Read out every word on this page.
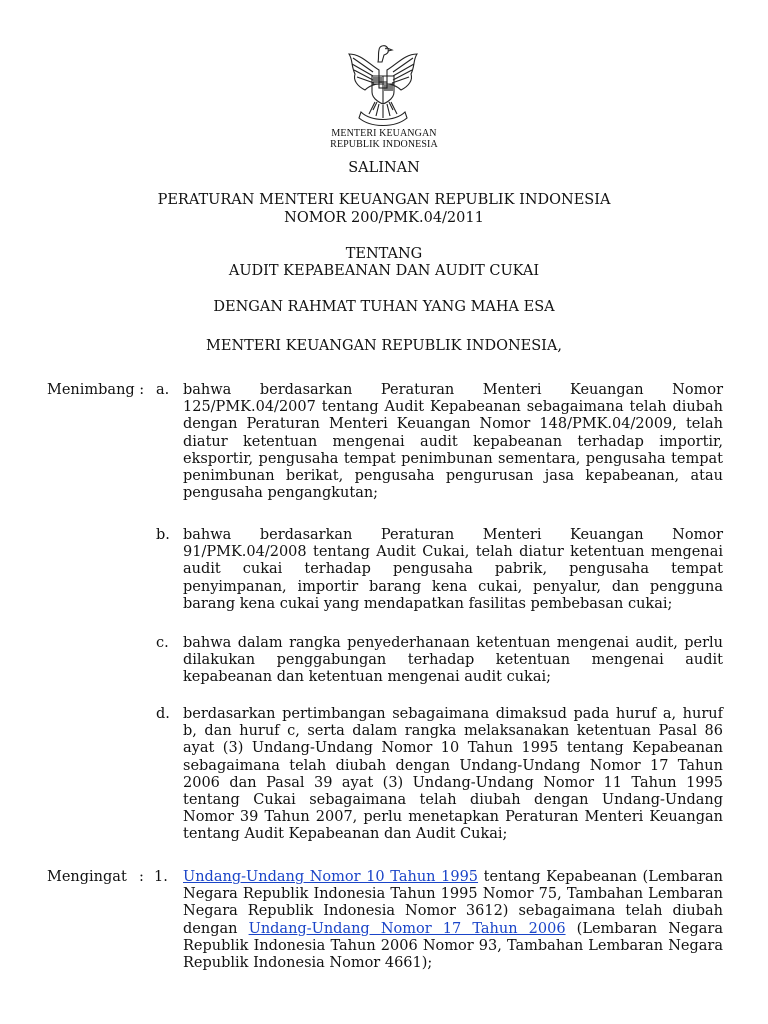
MENTERI KEUANGAN
REPUBLIK INDONESIA
SALINAN
PERATURAN MENTERI KEUANGAN REPUBLIK INDONESIA
NOMOR 200/PMK.04/2011
TENTANG
AUDIT KEPABEANAN DAN AUDIT CUKAI
DENGAN RAHMAT TUHAN YANG MAHA ESA
MENTERI KEUANGAN REPUBLIK INDONESIA,
Menimbang : a. bahwa berdasarkan Peraturan Menteri Keuangan Nomor 125/PMK.04/2007 tentang Audit Kepabeanan sebagaimana telah diubah dengan Peraturan Menteri Keuangan Nomor 148/PMK.04/2009, telah diatur ketentuan mengenai audit kepabeanan terhadap importir, eksportir, pengusaha tempat penimbunan sementara, pengusaha tempat penimbunan berikat, pengusaha pengurusan jasa kepabeanan, atau pengusaha pengangkutan;
b. bahwa berdasarkan Peraturan Menteri Keuangan Nomor 91/PMK.04/2008 tentang Audit Cukai, telah diatur ketentuan mengenai audit cukai terhadap pengusaha pabrik, pengusaha tempat penyimpanan, importir barang kena cukai, penyalur, dan pengguna barang kena cukai yang mendapatkan fasilitas pembebasan cukai;
c. bahwa dalam rangka penyederhanaan ketentuan mengenai audit, perlu dilakukan penggabungan terhadap ketentuan mengenai audit kepabeanan dan ketentuan mengenai audit cukai;
d. berdasarkan pertimbangan sebagaimana dimaksud pada huruf a, huruf b, dan huruf c, serta dalam rangka melaksanakan ketentuan Pasal 86 ayat (3) Undang-Undang Nomor 10 Tahun 1995 tentang Kepabeanan sebagaimana telah diubah dengan Undang-Undang Nomor 17 Tahun 2006 dan Pasal 39 ayat (3) Undang-Undang Nomor 11 Tahun 1995 tentang Cukai sebagaimana telah diubah dengan Undang-Undang Nomor 39 Tahun 2007, perlu menetapkan Peraturan Menteri Keuangan tentang Audit Kepabeanan dan Audit Cukai;
Mengingat : 1. Undang-Undang Nomor 10 Tahun 1995 tentang Kepabeanan (Lembaran Negara Republik Indonesia Tahun 1995 Nomor 75, Tambahan Lembaran Negara Republik Indonesia Nomor 3612) sebagaimana telah diubah dengan Undang-Undang Nomor 17 Tahun 2006 (Lembaran Negara Republik Indonesia Tahun 2006 Nomor 93, Tambahan Lembaran Negara Republik Indonesia Nomor 4661);
